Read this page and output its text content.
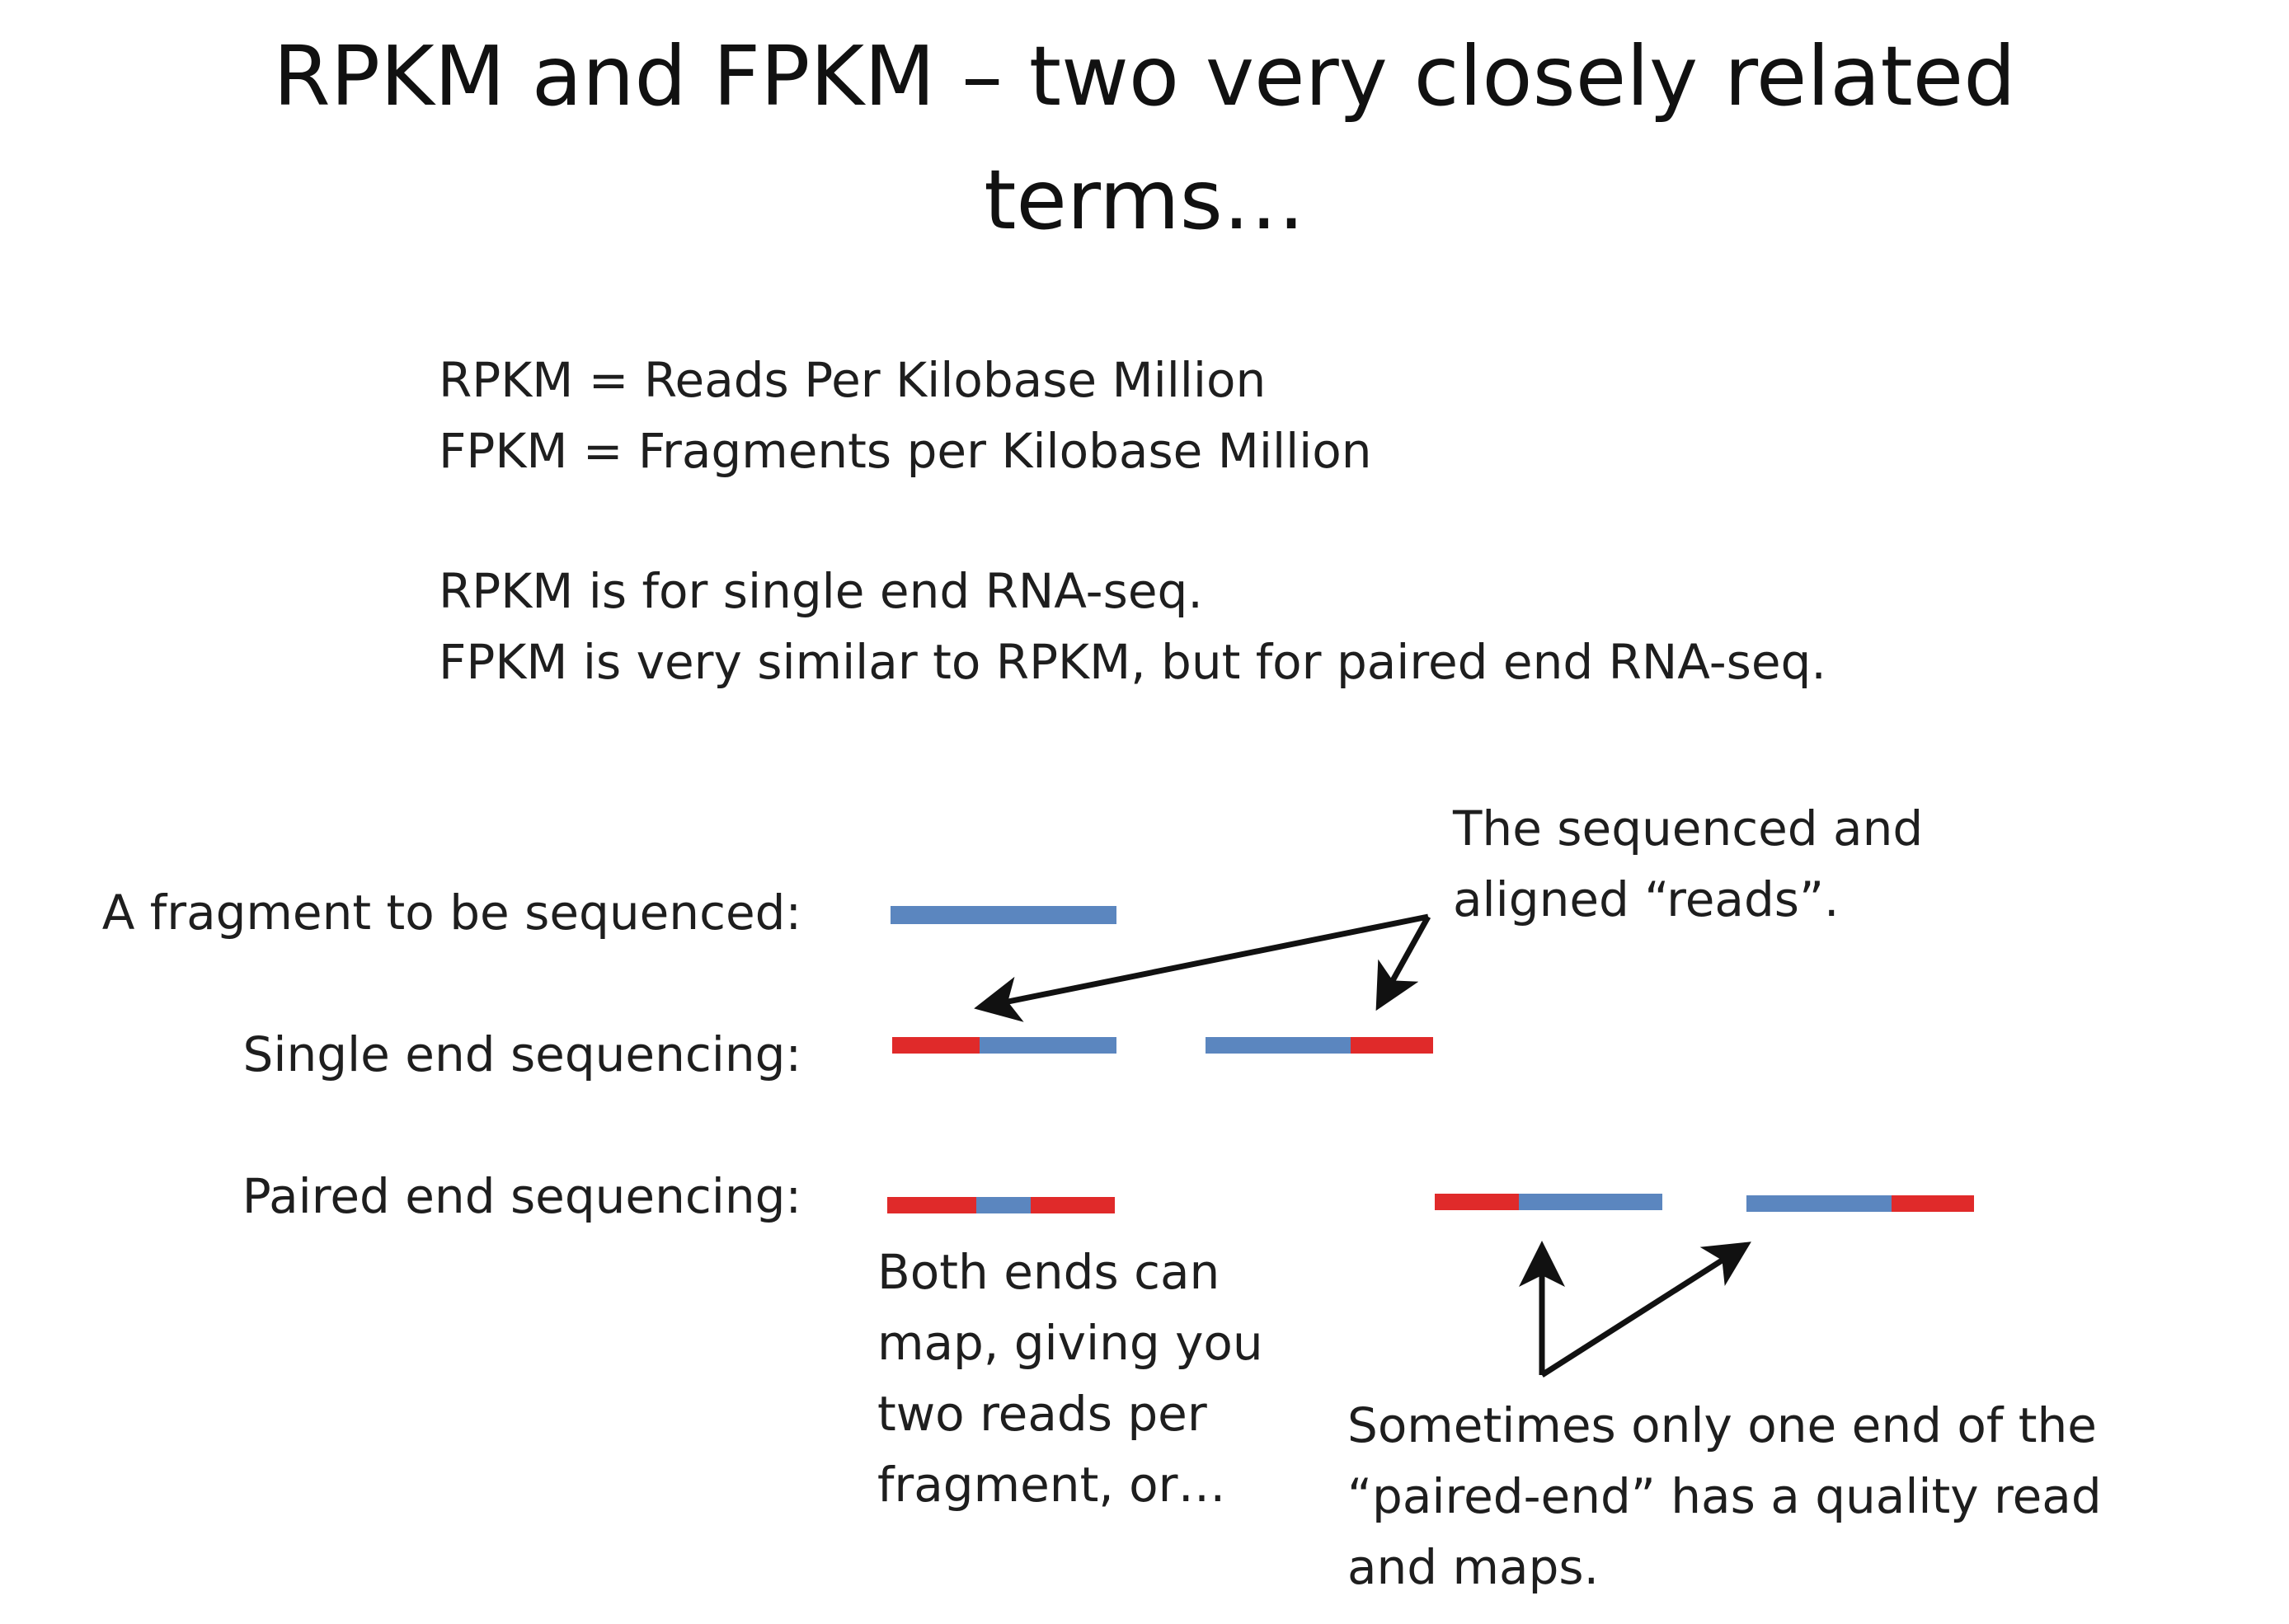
RPKM and FPKM – two very closely related
terms…
RPKM = Reads Per Kilobase Million
FPKM = Fragments per Kilobase Million
RPKM is for single end RNA-seq.
FPKM is very similar to RPKM, but for paired end RNA-seq.
A fragment to be sequenced:
Single end sequencing:
Paired end sequencing:
The sequenced and
aligned “reads”.
Both ends can
map, giving you
two reads per
fragment, or…
Sometimes only one end of the
“paired-end” has a quality read
and maps.
